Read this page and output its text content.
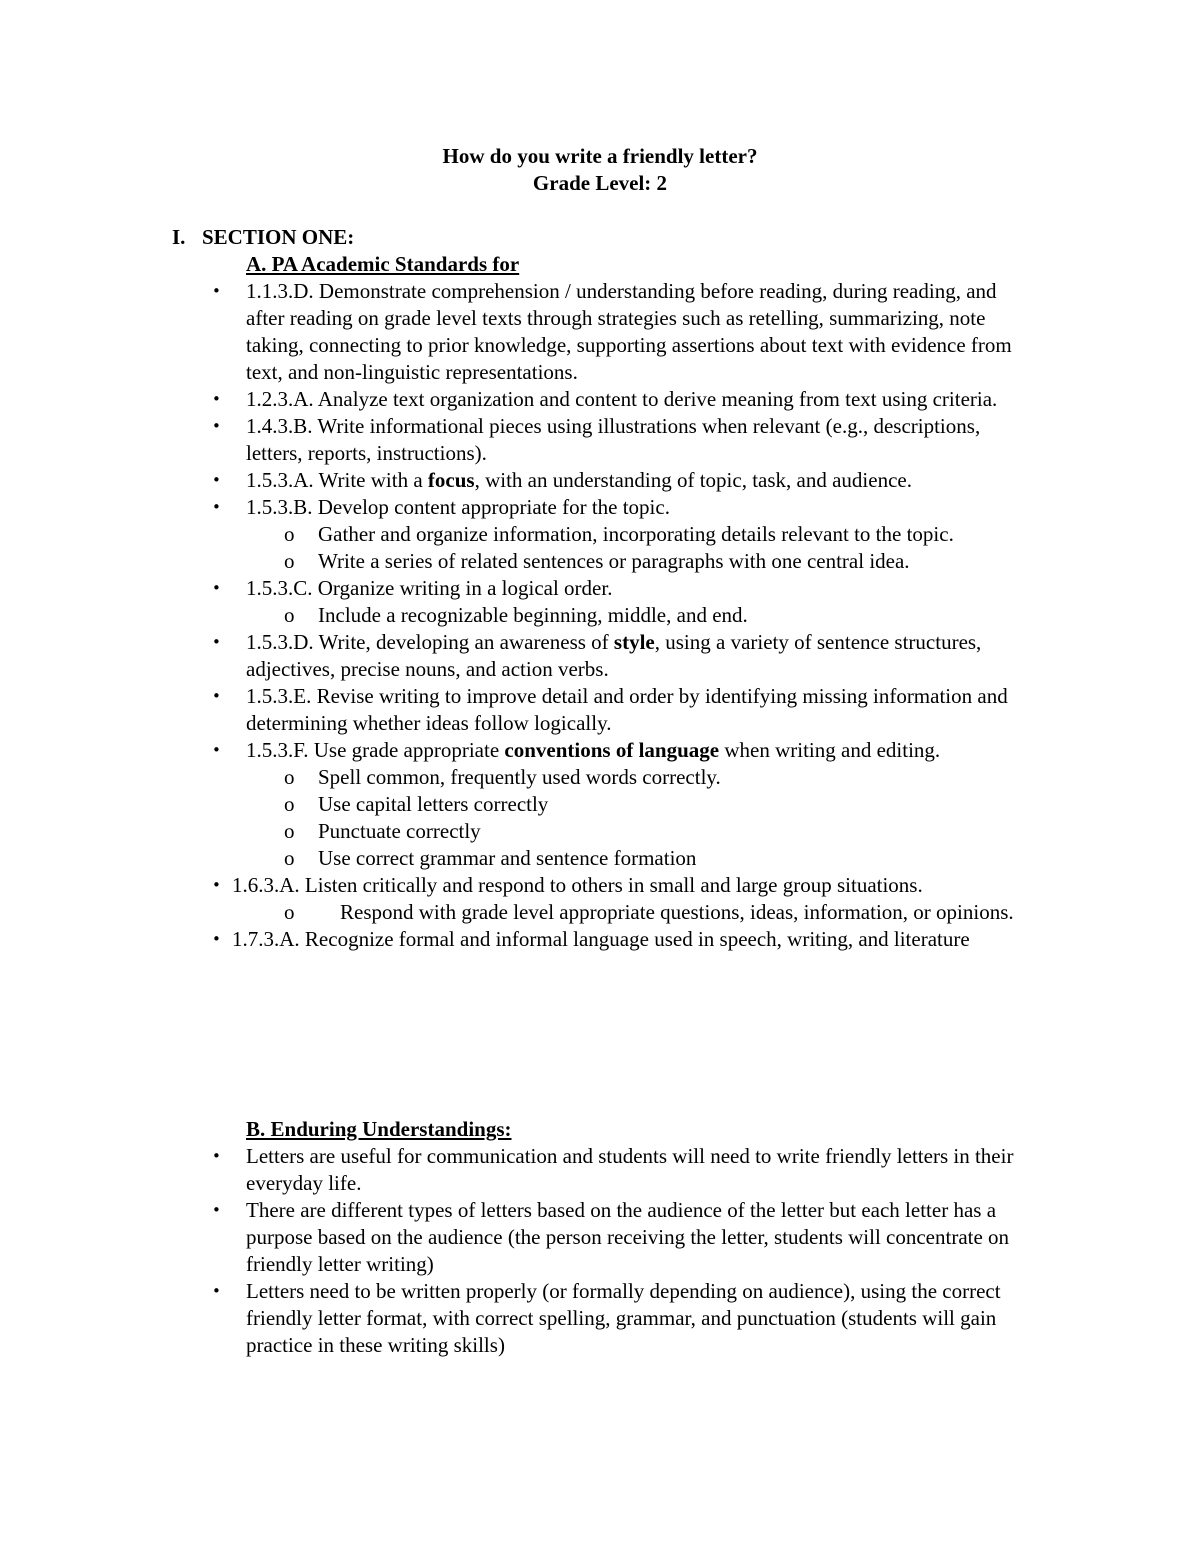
How do you write a friendly letter?
Grade Level: 2
I. SECTION ONE:
A. PA Academic Standards for
• 1.1.3.D. Demonstrate comprehension / understanding before reading, during reading, and after reading on grade level texts through strategies such as retelling, summarizing, note taking, connecting to prior knowledge, supporting assertions about text with evidence from text, and non-linguistic representations.
• 1.2.3.A. Analyze text organization and content to derive meaning from text using criteria.
• 1.4.3.B. Write informational pieces using illustrations when relevant (e.g., descriptions, letters, reports, instructions).
• 1.5.3.A. Write with a focus, with an understanding of topic, task, and audience.
• 1.5.3.B. Develop content appropriate for the topic.
o Gather and organize information, incorporating details relevant to the topic.
o Write a series of related sentences or paragraphs with one central idea.
• 1.5.3.C. Organize writing in a logical order.
o Include a recognizable beginning, middle, and end.
• 1.5.3.D. Write, developing an awareness of style, using a variety of sentence structures, adjectives, precise nouns, and action verbs.
• 1.5.3.E. Revise writing to improve detail and order by identifying missing information and determining whether ideas follow logically.
• 1.5.3.F. Use grade appropriate conventions of language when writing and editing.
o Spell common, frequently used words correctly.
o Use capital letters correctly
o Punctuate correctly
o Use correct grammar and sentence formation
• 1.6.3.A. Listen critically and respond to others in small and large group situations.
o	Respond with grade level appropriate questions, ideas, information, or opinions.
• 1.7.3.A. Recognize formal and informal language used in speech, writing, and literature
B. Enduring Understandings:
• Letters are useful for communication and students will need to write friendly letters in their everyday life.
• There are different types of letters based on the audience of the letter but each letter has a purpose based on the audience (the person receiving the letter, students will concentrate on friendly letter writing)
• Letters need to be written properly (or formally depending on audience), using the correct friendly letter format, with correct spelling, grammar, and punctuation (students will gain practice in these writing skills)
